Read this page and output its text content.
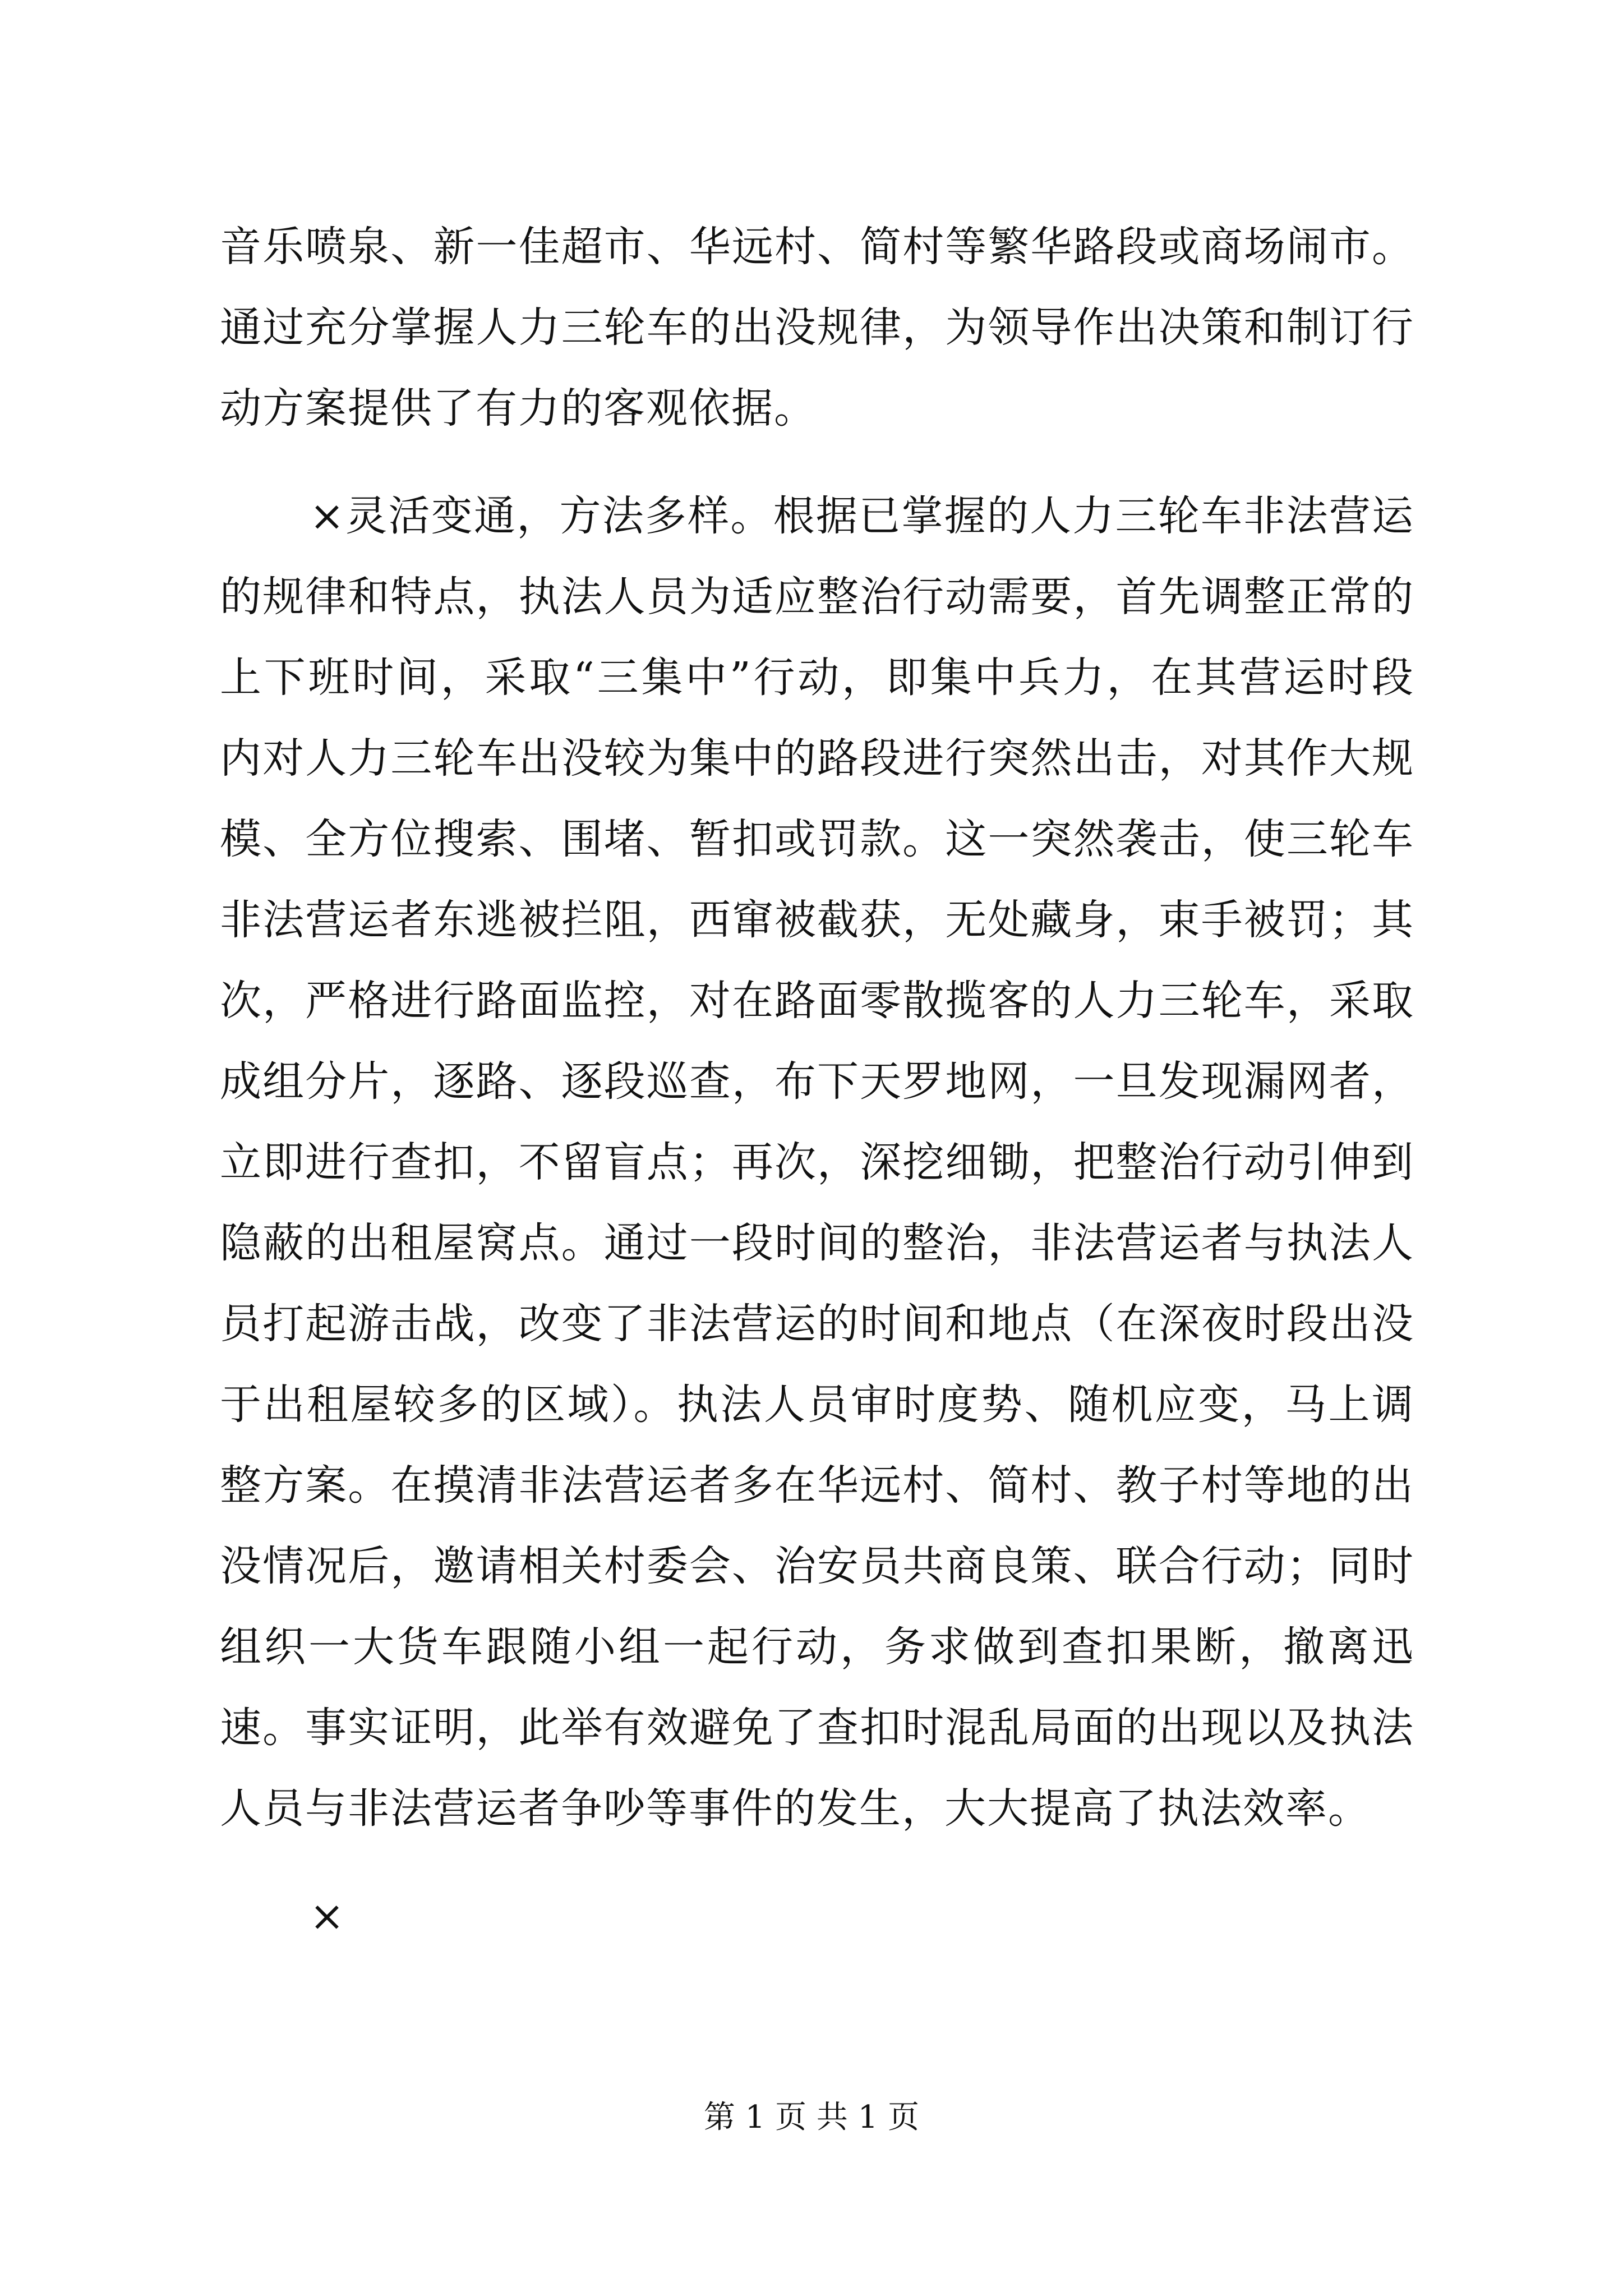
音乐喷泉、新一佳超市、华远村、简村等繁华路段或商场闹市。通过充分掌握人力三轮车的出没规律，为领导作出决策和制订行动方案提供了有力的客观依据。

×灵活变通，方法多样。根据已掌握的人力三轮车非法营运的规律和特点，执法人员为适应整治行动需要，首先调整正常的上下班时间，采取“三集中”行动，即集中兵力，在其营运时段内对人力三轮车出没较为集中的路段进行突然出击，对其作大规模、全方位搜索、围堵、暂扣或罚款。这一突然袭击，使三轮车非法营运者东逃被拦阻，西窜被截获，无处藏身，束手被罚；其次，严格进行路面监控，对在路面零散揽客的人力三轮车，采取成组分片，逐路、逐段巡查，布下天罗地网，一旦发现漏网者，立即进行查扣，不留盲点；再次，深挖细锄，把整治行动引伸到隐蔽的出租屋窝点。通过一段时间的整治，非法营运者与执法人员打起游击战，改变了非法营运的时间和地点（在深夜时段出没于出租屋较多的区域）。执法人员审时度势、随机应变，马上调整方案。在摸清非法营运者多在华远村、简村、教子村等地的出没情况后，邀请相关村委会、治安员共商良策、联合行动；同时组织一大货车跟随小组一起行动，务求做到查扣果断，撤离迅速。事实证明，此举有效避免了查扣时混乱局面的出现以及执法人员与非法营运者争吵等事件的发生，大大提高了执法效率。

×

第 1 页 共 1 页
